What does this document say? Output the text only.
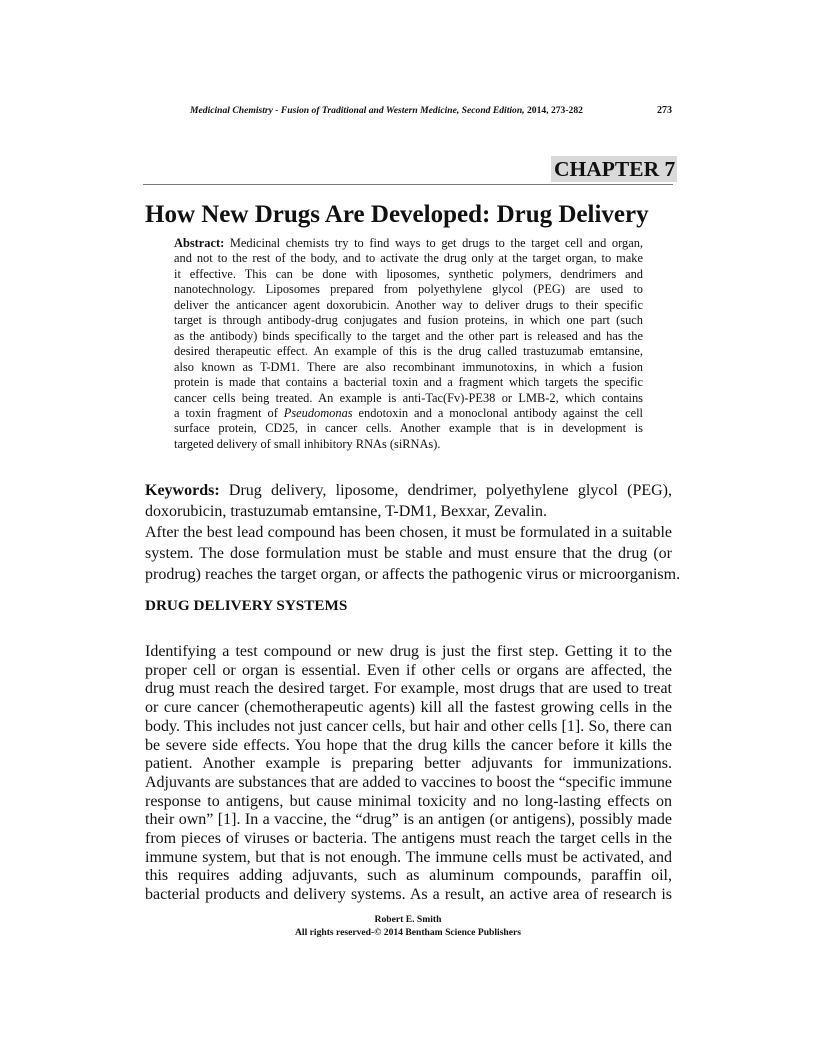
Medicinal Chemistry - Fusion of Traditional and Western Medicine, Second Edition, 2014, 273-282	273
CHAPTER 7
How New Drugs Are Developed: Drug Delivery
Abstract: Medicinal chemists try to find ways to get drugs to the target cell and organ,
and not to the rest of the body, and to activate the drug only at the target organ, to make
it effective. This can be done with liposomes, synthetic polymers, dendrimers and
nanotechnology. Liposomes prepared from polyethylene glycol (PEG) are used to
deliver the anticancer agent doxorubicin. Another way to deliver drugs to their specific
target is through antibody-drug conjugates and fusion proteins, in which one part (such
as the antibody) binds specifically to the target and the other part is released and has the
desired therapeutic effect. An example of this is the drug called trastuzumab emtansine,
also known as T-DM1. There are also recombinant immunotoxins, in which a fusion
protein is made that contains a bacterial toxin and a fragment which targets the specific
cancer cells being treated. An example is anti-Tac(Fv)-PE38 or LMB-2, which contains
a toxin fragment of Pseudomonas endotoxin and a monoclonal antibody against the cell
surface protein, CD25, in cancer cells. Another example that is in development is
targeted delivery of small inhibitory RNAs (siRNAs).
Keywords: Drug delivery, liposome, dendrimer, polyethylene glycol (PEG),
doxorubicin, trastuzumab emtansine, T-DM1, Bexxar, Zevalin.
After the best lead compound has been chosen, it must be formulated in a suitable
system. The dose formulation must be stable and must ensure that the drug (or
prodrug) reaches the target organ, or affects the pathogenic virus or microorganism.
DRUG DELIVERY SYSTEMS
Identifying a test compound or new drug is just the first step. Getting it to the
proper cell or organ is essential. Even if other cells or organs are affected, the
drug must reach the desired target. For example, most drugs that are used to treat
or cure cancer (chemotherapeutic agents) kill all the fastest growing cells in the
body. This includes not just cancer cells, but hair and other cells [1]. So, there can
be severe side effects. You hope that the drug kills the cancer before it kills the
patient. Another example is preparing better adjuvants for immunizations.
Adjuvants are substances that are added to vaccines to boost the “specific immune
response to antigens, but cause minimal toxicity and no long-lasting effects on
their own” [1]. In a vaccine, the “drug” is an antigen (or antigens), possibly made
from pieces of viruses or bacteria. The antigens must reach the target cells in the
immune system, but that is not enough. The immune cells must be activated, and
this requires adding adjuvants, such as aluminum compounds, paraffin oil,
bacterial products and delivery systems. As a result, an active area of research is
Robert E. Smith
All rights reserved-© 2014 Bentham Science Publishers
